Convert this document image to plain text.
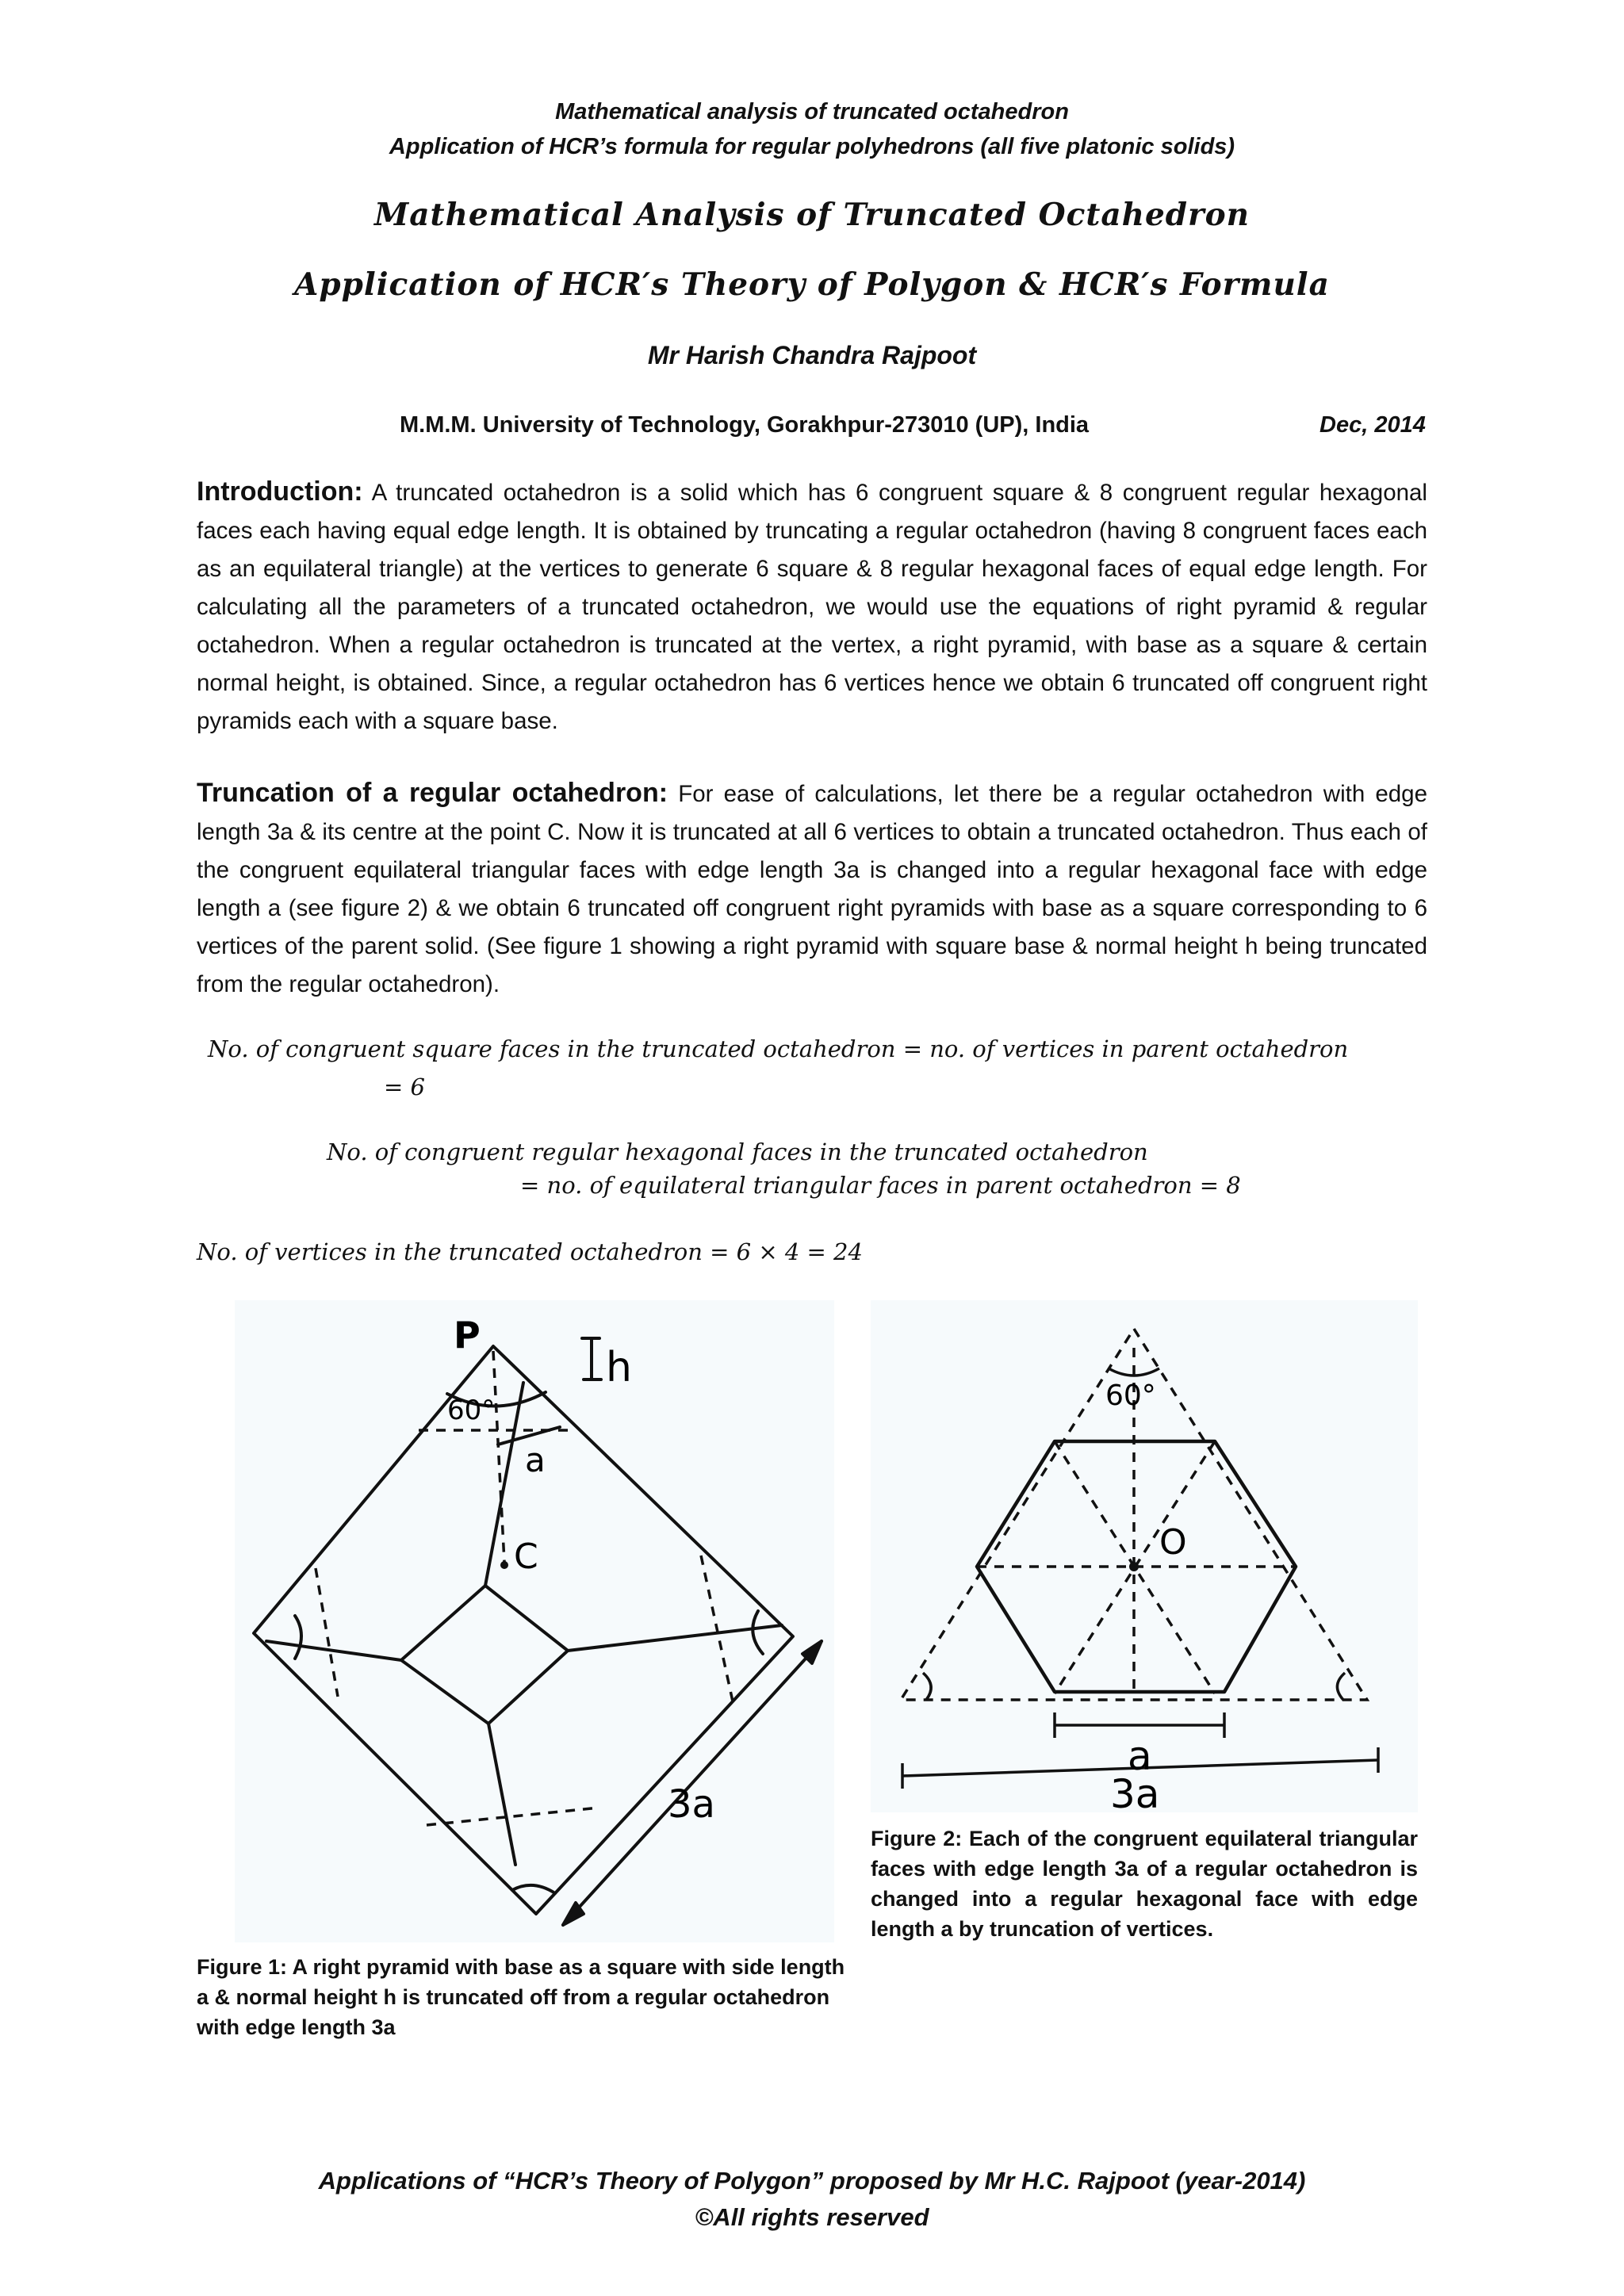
Mathematical analysis of truncated octahedron
Application of HCR’s formula for regular polyhedrons (all five platonic solids)
Mathematical Analysis of Truncated Octahedron
Application of HCR′s Theory of Polygon & HCR′s Formula
Mr Harish Chandra Rajpoot
M.M.M. University of Technology, Gorakhpur-273010 (UP), India	Dec, 2014
Introduction: A truncated octahedron is a solid which has 6 congruent square & 8 congruent regular hexagonal faces each having equal edge length. It is obtained by truncating a regular octahedron (having 8 congruent faces each as an equilateral triangle) at the vertices to generate 6 square & 8 regular hexagonal faces of equal edge length. For calculating all the parameters of a truncated octahedron, we would use the equations of right pyramid & regular octahedron. When a regular octahedron is truncated at the vertex, a right pyramid, with base as a square & certain normal height, is obtained. Since, a regular octahedron has 6 vertices hence we obtain 6 truncated off congruent right pyramids each with a square base.
Truncation of a regular octahedron: For ease of calculations, let there be a regular octahedron with edge length 3a & its centre at the point C. Now it is truncated at all 6 vertices to obtain a truncated octahedron. Thus each of the congruent equilateral triangular faces with edge length 3a is changed into a regular hexagonal face with edge length a (see figure 2) & we obtain 6 truncated off congruent right pyramids with base as a square corresponding to 6 vertices of the parent solid. (See figure 1 showing a right pyramid with square base & normal height h being truncated from the regular octahedron).
No. of congruent square faces in the truncated octahedron = no. of vertices in parent octahedron
= 6
No. of congruent regular hexagonal faces in the truncated octahedron
= no. of equilateral triangular faces in parent octahedron = 8
No. of vertices in the truncated octahedron = 6 × 4 = 24
P
60°
h
a
C
3a
Figure 1: A right pyramid with base as a square with side length a & normal height h is truncated off from a regular octahedron with edge length 3a
60°
O
a
3a
Figure 2: Each of the congruent equilateral triangular faces with edge length 3a of a regular octahedron is changed into a regular hexagonal face with edge length a by truncation of vertices.
Applications of “HCR’s Theory of Polygon” proposed by Mr H.C. Rajpoot (year-2014)
©All rights reserved
